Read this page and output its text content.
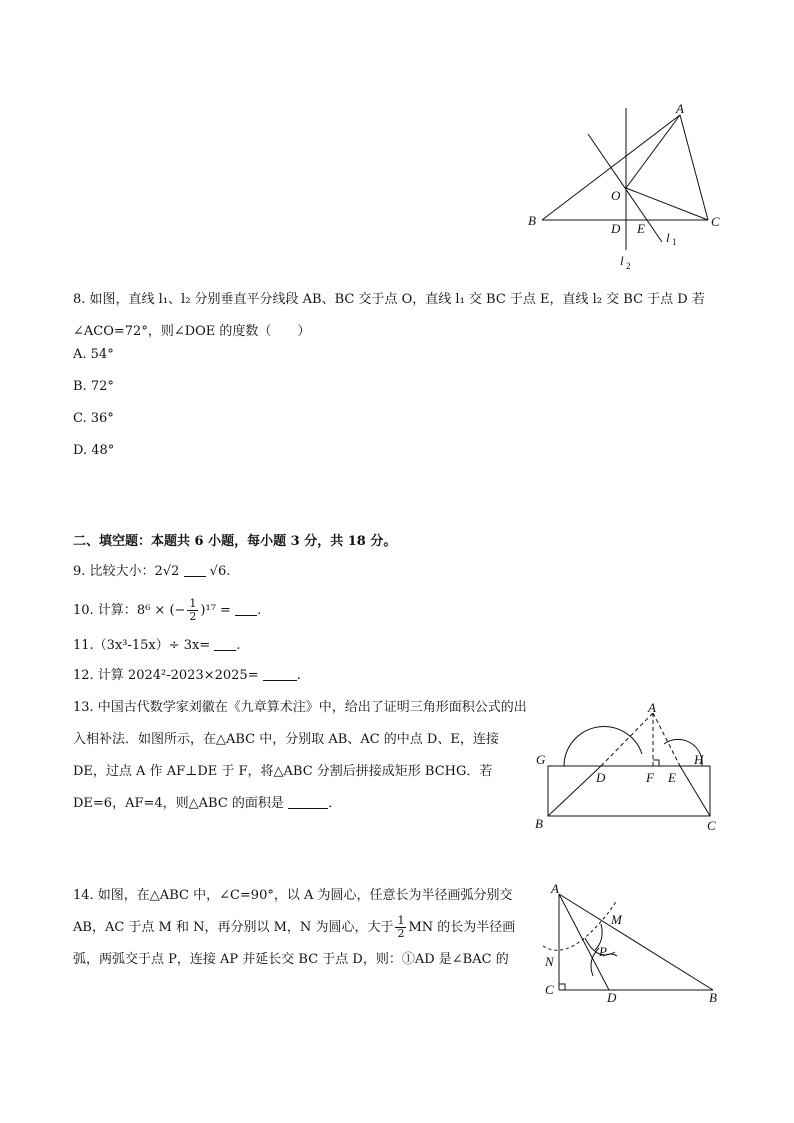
A
B	C
O
D E
l 1
l 2
8. 如图，直线 l₁、l₂ 分别垂直平分线段 AB、BC 交于点 O，直线 l₁ 交 BC 于点 E，直线 l₂ 交 BC 于点 D 若 ∠ACO=72°，则∠DOE 的度数（　　）
A. 54°
B. 72°
C. 36°
D. 48°
二、填空题：本题共 6 小题，每小题 3 分，共 18 分。
9. 比较大小：2√2 √6.
10. 计算：8⁶ × (− $\frac{1}{2} )^{17}$ = .
11.（3x³-15x）÷ 3x= .
12. 计算 2024²-2023×2025=	.
13. 中国古代数学家刘徽在《九章算术注》中，给出了证明三角形面积公式的出入相补法．如图所示，在△ABC 中，分别取 AB、AC 的中点 D、E，连接 DE，过点 A 作 AF⊥DE 于 F，将△ABC 分割后拼接成矩形 BCHG．若 DE=6，AF=4，则△ABC 的面积是	．
A
G	H
D	F E
B	C
14. 如图，在△ABC 中，∠C=90°，以 A 为圆心，任意长为半径画弧分别交 AB，AC 于点 M 和 N，再分别以 M，N 为圆心，大于 $\frac{1}{2}$ MN 的长为半径画弧，两弧交于点 P，连接 AP 并延长交 BC 于点 D，则：①AD 是∠BAC 的
A
M
P
N
C
D	B
